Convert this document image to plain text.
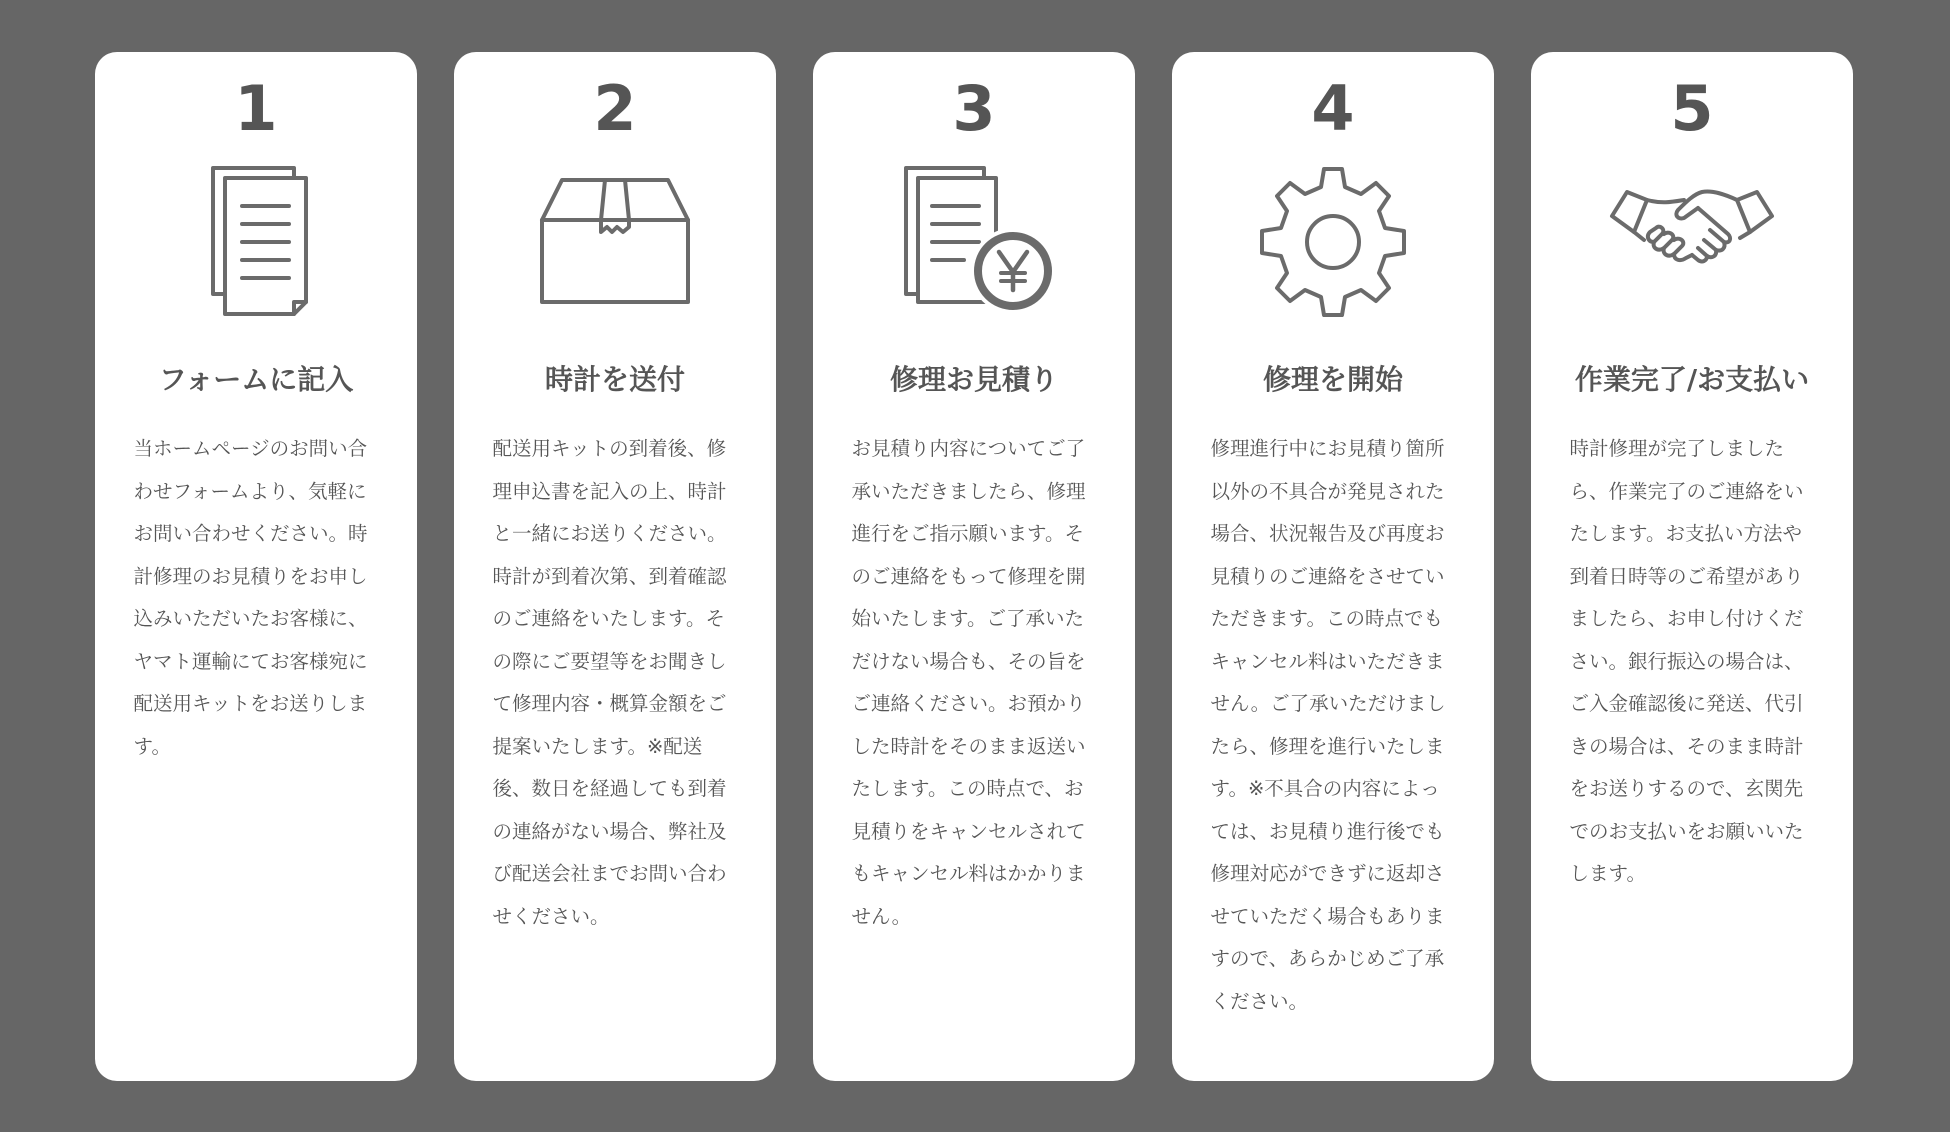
1
フォームに記入
当ホームページのお問い合わせフォームより、気軽にお問い合わせください。時計修理のお見積りをお申し込みいただいたお客様に、ヤマト運輸にてお客様宛に配送用キットをお送りします。
2
時計を送付
配送用キットの到着後、修理申込書を記入の上、時計と一緒にお送りください。時計が到着次第、到着確認のご連絡をいたします。その際にご要望等をお聞きして修理内容・概算金額をご提案いたします。※配送後、数日を経過しても到着の連絡がない場合、弊社及び配送会社までお問い合わせください。
3
修理お見積り
お見積り内容についてご了承いただきましたら、修理進行をご指示願います。そのご連絡をもって修理を開始いたします。ご了承いただけない場合も、その旨をご連絡ください。お預かりした時計をそのまま返送いたします。この時点で、お見積りをキャンセルされてもキャンセル料はかかりません。
4
修理を開始
修理進行中にお見積り箇所以外の不具合が発見された場合、状況報告及び再度お見積りのご連絡をさせていただきます。この時点でもキャンセル料はいただきません。ご了承いただけましたら、修理を進行いたします。※不具合の内容によっては、お見積り進行後でも修理対応ができずに返却させていただく場合もありますので、あらかじめご了承ください。
5
作業完了/お支払い
時計修理が完了しましたら、作業完了のご連絡をいたします。お支払い方法や到着日時等のご希望がありましたら、お申し付けください。銀行振込の場合は、ご入金確認後に発送、代引きの場合は、そのまま時計をお送りするので、玄関先でのお支払いをお願いいたします。
